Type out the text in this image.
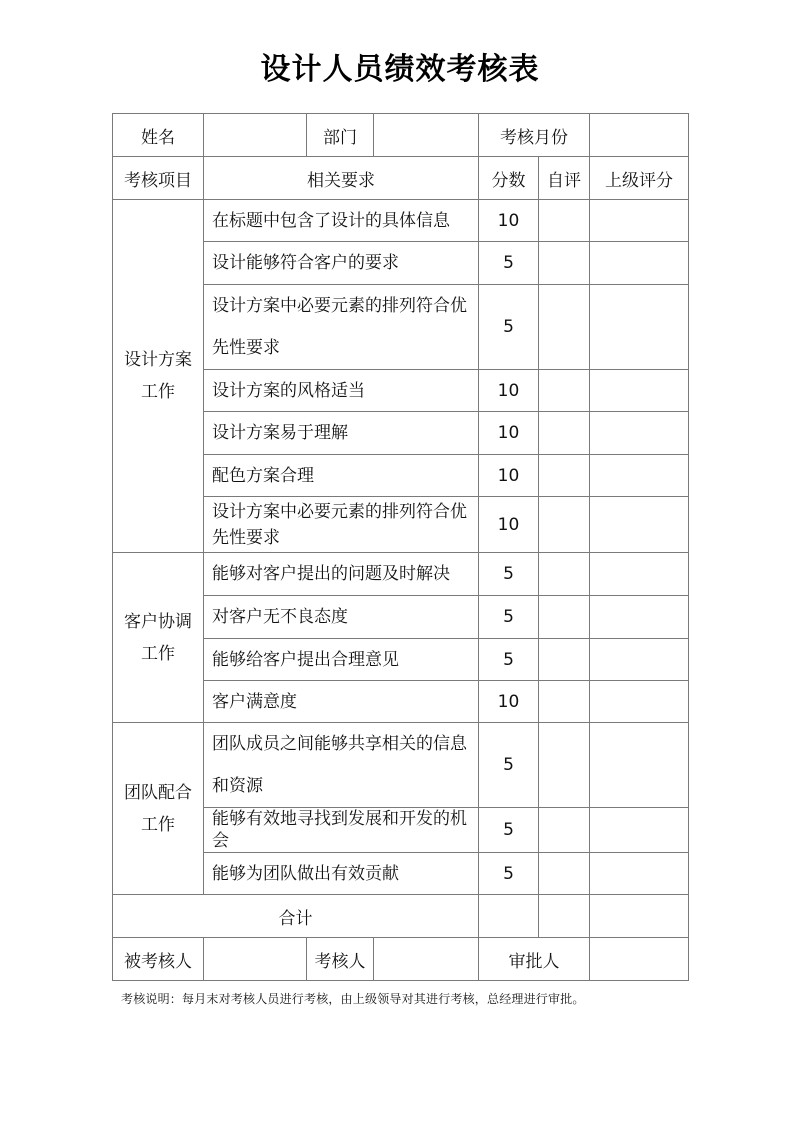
设计人员绩效考核表
姓名		部门		考核月份		
考核项目	相关要求			分数	自评	上级评分

设计方案
工作	在标题中包含了设计的具体信息			10		
	设计能够符合客户的要求			5		
	设计方案中必要元素的排列符合优先性要求			5		
	设计方案的风格适当			10		
	设计方案易于理解			10		
	配色方案合理			10		
	设计方案中必要元素的排列符合优先性要求			10		

客户协调
工作	能够对客户提出的问题及时解决			5		
	对客户无不良态度			5		
	能够给客户提出合理意见			5		
	客户满意度			10		

团队配合
工作	团队成员之间能够共享相关的信息和资源			5		
	能够有效地寻找到发展和开发的机会			5		
	能够为团队做出有效贡献			5		
合计						
被考核人		考核人		审批人		
考核说明：每月末对考核人员进行考核，由上级领导对其进行考核，总经理进行审批。
